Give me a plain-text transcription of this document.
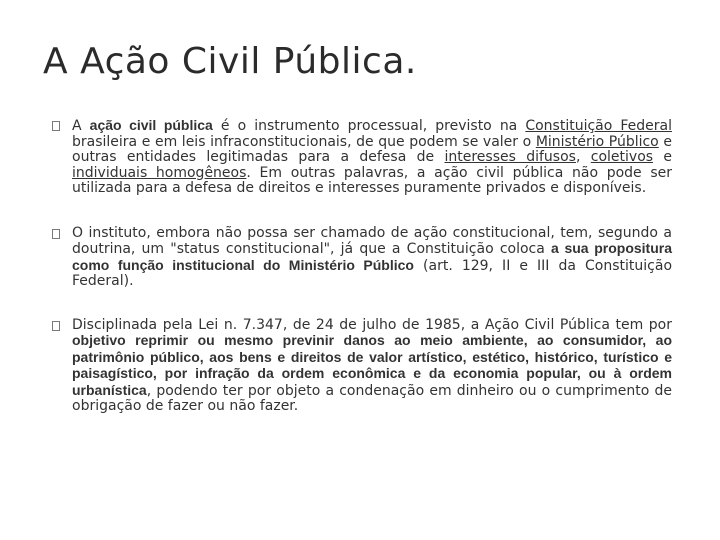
A Ação Civil Pública.
A ação civil pública é o instrumento processual, previsto na Constituição Federal brasileira e em leis infraconstitucionais, de que podem se valer o Ministério Público e outras entidades legitimadas para a defesa de interesses difusos, coletivos e individuais homogêneos. Em outras palavras, a ação civil pública não pode ser utilizada para a defesa de direitos e interesses puramente privados e disponíveis.
O instituto, embora não possa ser chamado de ação constitucional, tem, segundo a doutrina, um "status constitucional", já que a Constituição coloca a sua propositura como função institucional do Ministério Público (art. 129, II e III da Constituição Federal).
Disciplinada pela Lei n. 7.347, de 24 de julho de 1985, a Ação Civil Pública tem por objetivo reprimir ou mesmo previnir danos ao meio ambiente, ao consumidor, ao patrimônio público, aos bens e direitos de valor artístico, estético, histórico, turístico e paisagístico, por infração da ordem econômica e da economia popular, ou à ordem urbanística, podendo ter por objeto a condenação em dinheiro ou o cumprimento de obrigação de fazer ou não fazer.
